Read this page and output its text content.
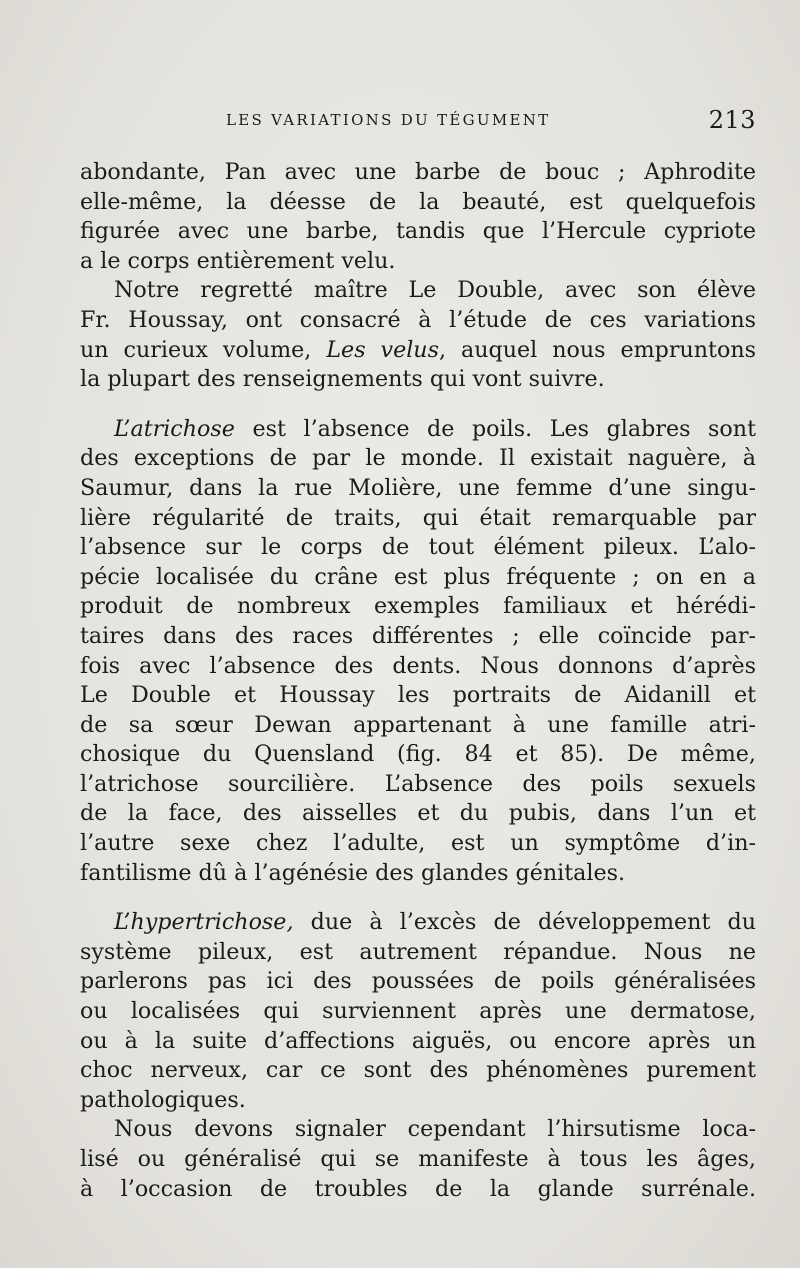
LES VARIATIONS DU TÉGUMENT	213
abondante, Pan avec une barbe de bouc ; Aphrodite
elle-même, la déesse de la beauté, est quelquefois
figurée avec une barbe, tandis que l’Hercule cypriote
a le corps entièrement velu.
Notre regretté maître Le Double, avec son élève
Fr. Houssay, ont consacré à l’étude de ces variations
un curieux volume, Les velus, auquel nous empruntons
la plupart des renseignements qui vont suivre.
L’atrichose est l’absence de poils. Les glabres sont
des exceptions de par le monde. Il existait naguère, à
Saumur, dans la rue Molière, une femme d’une singu-
lière régularité de traits, qui était remarquable par
l’absence sur le corps de tout élément pileux. L’alo-
pécie localisée du crâne est plus fréquente ; on en a
produit de nombreux exemples familiaux et hérédi-
taires dans des races différentes ; elle coïncide par-
fois avec l’absence des dents. Nous donnons d’après
Le Double et Houssay les portraits de Aidanill et
de sa sœur Dewan appartenant à une famille atri-
chosique du Quensland (fig. 84 et 85). De même,
l’atrichose sourcilière. L’absence des poils sexuels
de la face, des aisselles et du pubis, dans l’un et
l’autre sexe chez l’adulte, est un symptôme d’in-
fantilisme dû à l’agénésie des glandes génitales.
L’hypertrichose, due à l’excès de développement du
système pileux, est autrement répandue. Nous ne
parlerons pas ici des poussées de poils généralisées
ou localisées qui surviennent après une dermatose,
ou à la suite d’affections aiguës, ou encore après un
choc nerveux, car ce sont des phénomènes purement
pathologiques.
Nous devons signaler cependant l’hirsutisme loca-
lisé ou généralisé qui se manifeste à tous les âges,
à l’occasion de troubles de la glande surrénale.
